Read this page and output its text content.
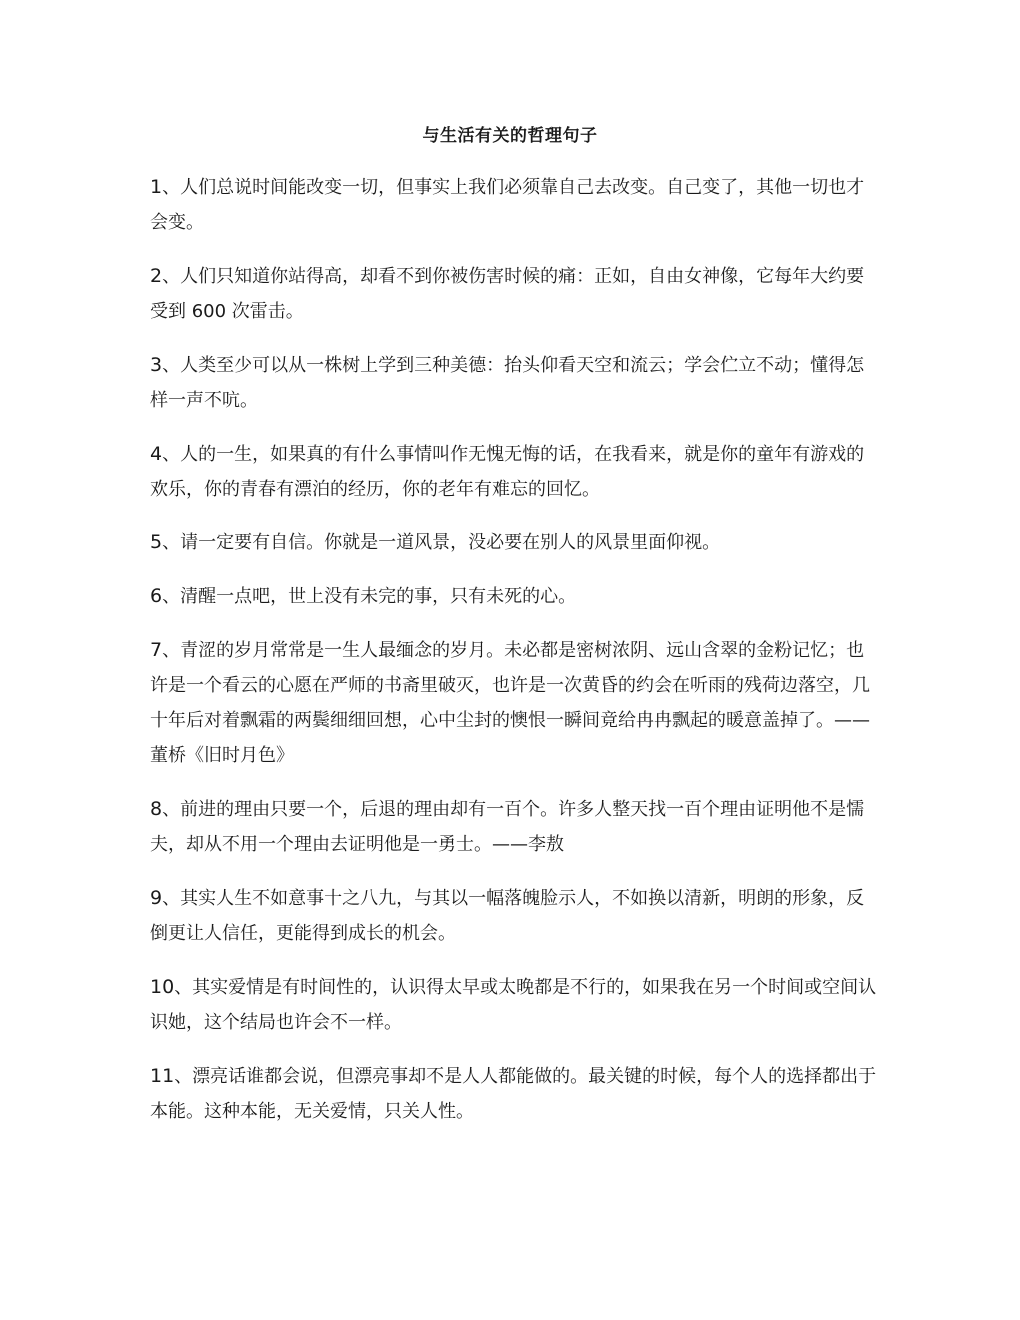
与生活有关的哲理句子
1、人们总说时间能改变一切，但事实上我们必须靠自己去改变。自己变了，其他一切也才会变。
2、人们只知道你站得高，却看不到你被伤害时候的痛：正如，自由女神像，它每年大约要受到 600 次雷击。
3、人类至少可以从一株树上学到三种美德：抬头仰看天空和流云；学会伫立不动；懂得怎样一声不吭。
4、人的一生，如果真的有什么事情叫作无愧无悔的话，在我看来，就是你的童年有游戏的欢乐，你的青春有漂泊的经历，你的老年有难忘的回忆。
5、请一定要有自信。你就是一道风景，没必要在别人的风景里面仰视。
6、清醒一点吧，世上没有未完的事，只有未死的心。
7、青涩的岁月常常是一生人最缅念的岁月。未必都是密树浓阴、远山含翠的金粉记忆；也许是一个看云的心愿在严师的书斋里破灭，也许是一次黄昏的约会在听雨的残荷边落空，几十年后对着飘霜的两鬓细细回想，心中尘封的懊恨一瞬间竟给冉冉飘起的暖意盖掉了。——董桥《旧时月色》
8、前进的理由只要一个，后退的理由却有一百个。许多人整天找一百个理由证明他不是懦夫，却从不用一个理由去证明他是一勇士。——李敖
9、其实人生不如意事十之八九，与其以一幅落魄脸示人，不如换以清新，明朗的形象，反倒更让人信任，更能得到成长的机会。
10、其实爱情是有时间性的，认识得太早或太晚都是不行的，如果我在另一个时间或空间认识她，这个结局也许会不一样。
11、漂亮话谁都会说，但漂亮事却不是人人都能做的。最关键的时候，每个人的选择都出于本能。这种本能，无关爱情，只关人性。
